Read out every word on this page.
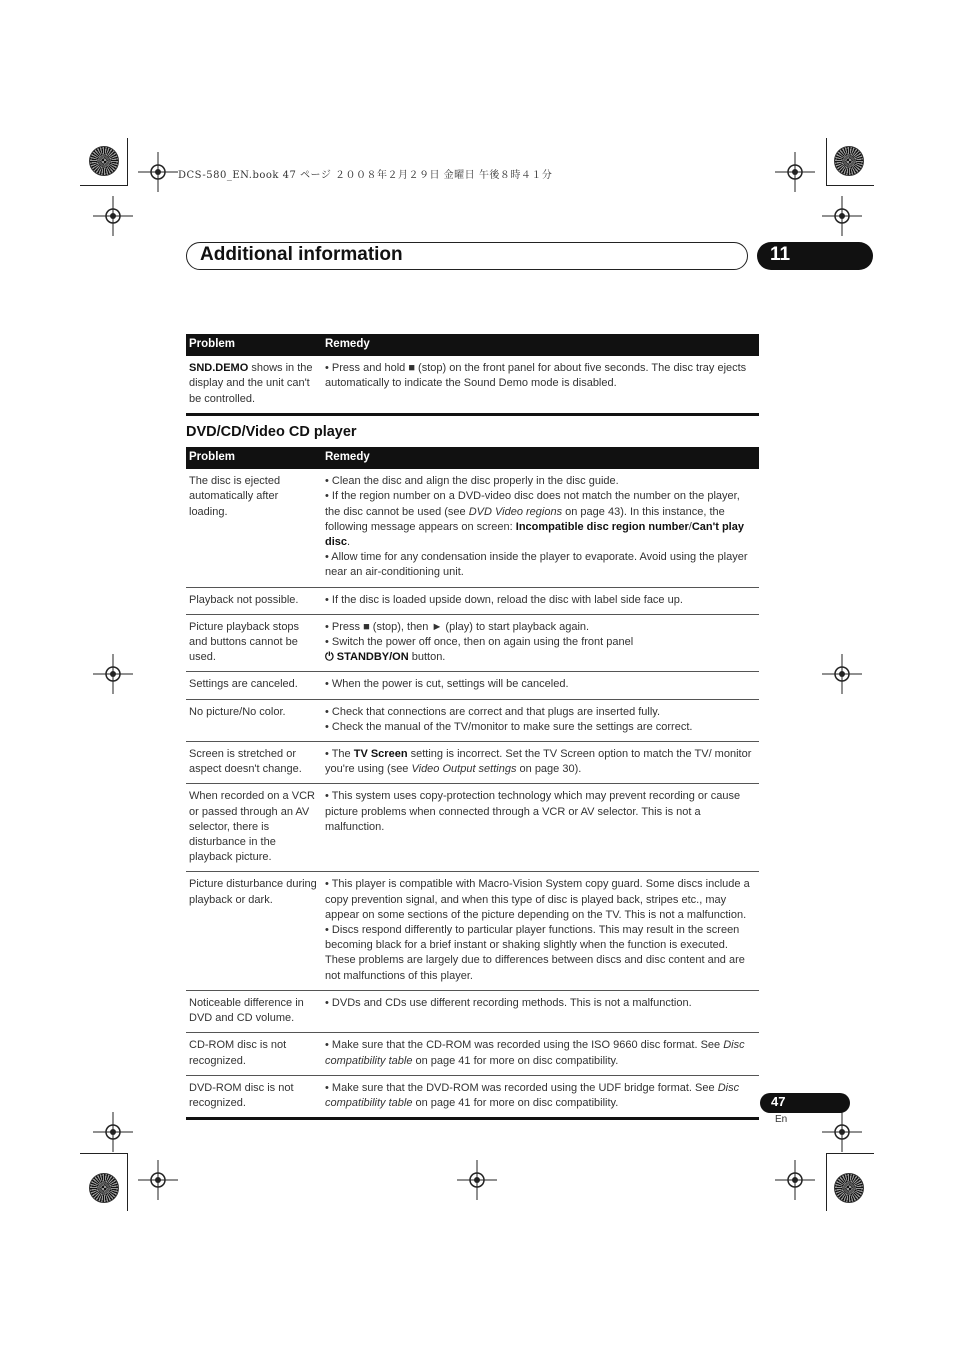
DCS-580_EN.book 47 ページ ２００８年２月２９日 金曜日 午後８時４１分
Additional information	11
Problem	Remedy
SND.DEMO shows in the display and the unit can't be controlled.	• Press and hold ■ (stop) on the front panel for about five seconds. The disc tray ejects automatically to indicate the Sound Demo mode is disabled.
DVD/CD/Video CD player
Problem	Remedy
The disc is ejected automatically after loading.	• Clean the disc and align the disc properly in the disc guide.
• If the region number on a DVD-video disc does not match the number on the player, the disc cannot be used (see DVD Video regions on page 43). In this instance, the following message appears on screen: Incompatible disc region number/Can't play disc.
• Allow time for any condensation inside the player to evaporate. Avoid using the player near an air-conditioning unit.

Playback not possible.	• If the disc is loaded upside down, reload the disc with label side face up.

Picture playback stops and buttons cannot be used.	• Press ■ (stop), then ► (play) to start playback again.
• Switch the power off once, then on again using the front panel
⏻ STANDBY/ON button.

Settings are canceled.	• When the power is cut, settings will be canceled.

No picture/No color.	• Check that connections are correct and that plugs are inserted fully.
• Check the manual of the TV/monitor to make sure the settings are correct.

Screen is stretched or aspect doesn't change.	• The TV Screen setting is incorrect. Set the TV Screen option to match the TV/ monitor you're using (see Video Output settings on page 30).

When recorded on a VCR or passed through an AV selector, there is disturbance in the playback picture.	• This system uses copy-protection technology which may prevent recording or cause picture problems when connected through a VCR or AV selector. This is not a malfunction.

Picture disturbance during playback or dark.	• This player is compatible with Macro-Vision System copy guard. Some discs include a copy prevention signal, and when this type of disc is played back, stripes etc., may appear on some sections of the picture depending on the TV. This is not a malfunction.
• Discs respond differently to particular player functions. This may result in the screen becoming black for a brief instant or shaking slightly when the function is executed. These problems are largely due to differences between discs and disc content and are not malfunctions of this player.

Noticeable difference in DVD and CD volume.	• DVDs and CDs use different recording methods. This is not a malfunction.

CD-ROM disc is not recognized.	• Make sure that the CD-ROM was recorded using the ISO 9660 disc format. See Disc compatibility table on page 41 for more on disc compatibility.

DVD-ROM disc is not recognized.	• Make sure that the DVD-ROM was recorded using the UDF bridge format. See Disc compatibility table on page 41 for more on disc compatibility.	47
En
